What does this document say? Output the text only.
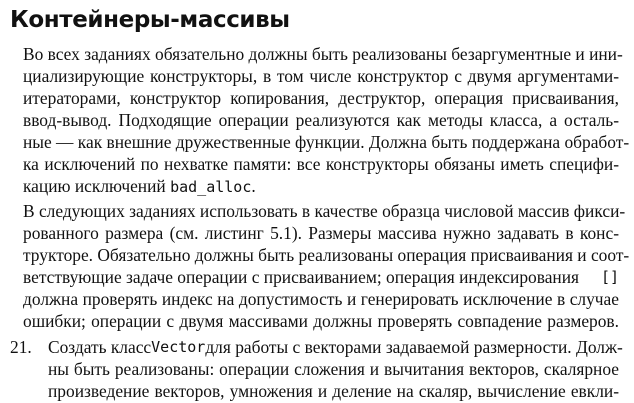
Контейнеры-массивы
Во всех заданиях обязательно должны быть реализованы безаргументные и ини-
циализирующие конструкторы, в том числе конструктор с двумя аргументами-
итераторами, конструктор копирования, деструктор, операция присваивания,
ввод-вывод. Подходящие операции реализуются как методы класса, а осталь-
ные — как внешние дружественные функции. Должна быть поддержана обработ-
ка исключений по нехватке памяти: все конструкторы обязаны иметь специфи-
кацию исключений bad_alloc.
В следующих заданиях использовать в качестве образца числовой массив фикси-
рованного размера (см. листинг 5.1). Размеры массива нужно задавать в конс-
трукторе. Обязательно должны быть реализованы операция присваивания и соот-
ветствующие задаче операции с присваиванием; операция индексирования []
должна проверять индекс на допустимость и генерировать исключение в случае
ошибки; операции с двумя массивами должны проверять совпадение размеров.
21. Создать класс Vector для работы с векторами задаваемой размерности. Долж-
ны быть реализованы: операции сложения и вычитания векторов, скалярное
произведение векторов, умножения и деление на скаляр, вычисление евкли-
